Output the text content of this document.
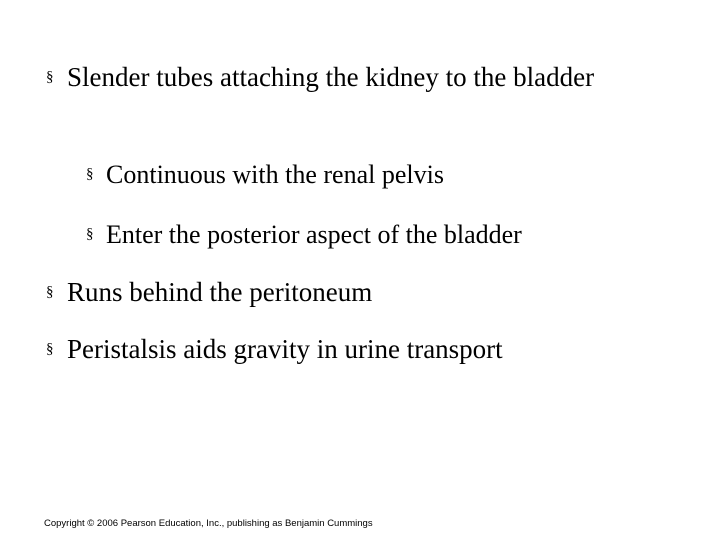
§ Slender tubes attaching the kidney to the bladder
§ Continuous with the renal pelvis
§ Enter the posterior aspect of the bladder
§ Runs behind the peritoneum
§ Peristalsis aids gravity in urine transport
Copyright © 2006 Pearson Education, Inc., publishing as Benjamin Cummings
